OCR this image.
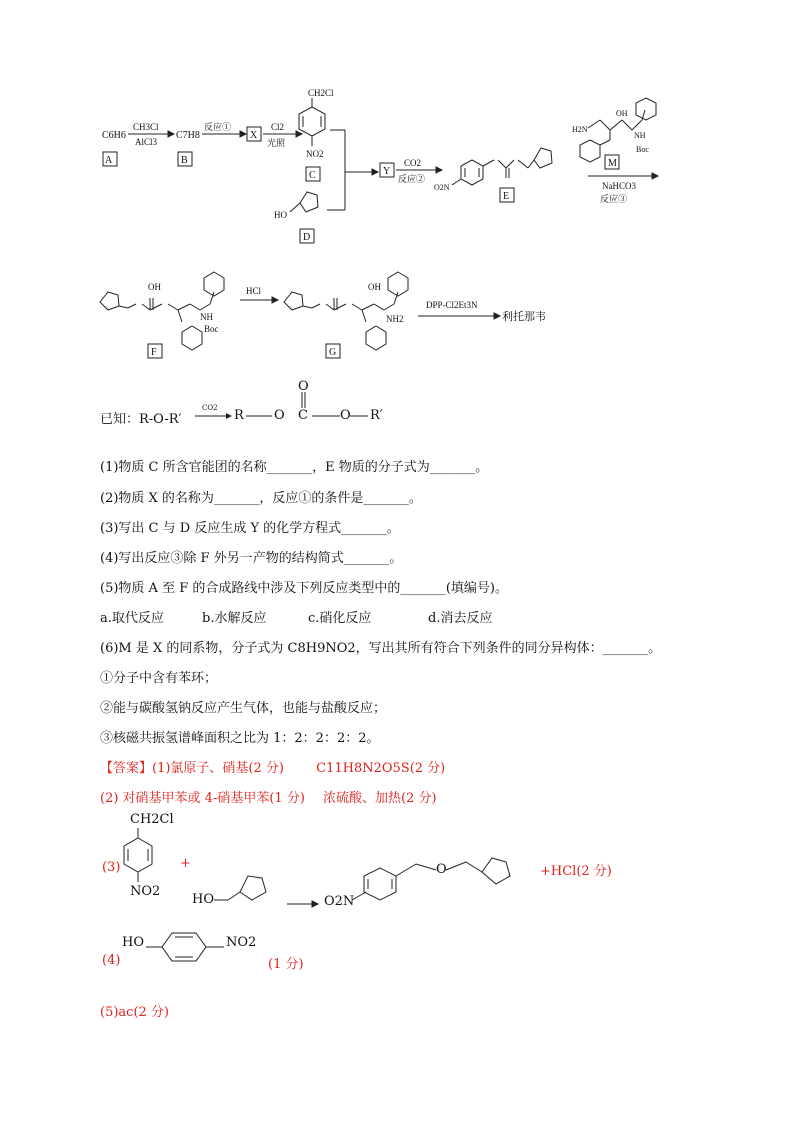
C6H6
A
CH3Cl
AlCl3
C7H8
B
反应①
X
Cl2
光照
CH2Cl
NO2
C
HO
D
Y
CO2
反应②
O2N
E
H2N
OH
NH
Boc
M
NaHCO3
反应③
OH
NH
Boc
F
HCl	OH
NH2
G
DPP-Cl2Et3N
利托那韦
已知：R-O-R′
CO2 R O C
O
O R′
(1)物质 C 所含官能团的名称_______，E 物质的分子式为_______。
(2)物质 X 的名称为_______，反应①的条件是_______。
(3)写出 C 与 D 反应生成 Y 的化学方程式_______。
(4)写出反应③除 F 外另一产物的结构简式_______。
(5)物质 A 至 F 的合成路线中涉及下列反应类型中的_______(填编号)。
a.取代反应	b.水解反应	c.硝化反应	d.消去反应
(6)M 是 X 的同系物，分子式为 C8H9NO2，写出其所有符合下列条件的同分异构体：_______。
①分子中含有苯环；
②能与碳酸氢钠反应产生气体，也能与盐酸反应；
③核磁共振氢谱峰面积之比为 1：2：2：2：2。
【答案】(1)氯原子、硝基(2 分) C11H8N2O5S(2 分)
(2) 对硝基甲苯或 4-硝基甲苯(1 分) 浓硫酸、加热(2 分)
(3)
CH2Cl
NO2
+
HO	O2N
O	+HCl(2 分)
(4)
HO	NO2
(1 分)
(5)ac(2 分)
